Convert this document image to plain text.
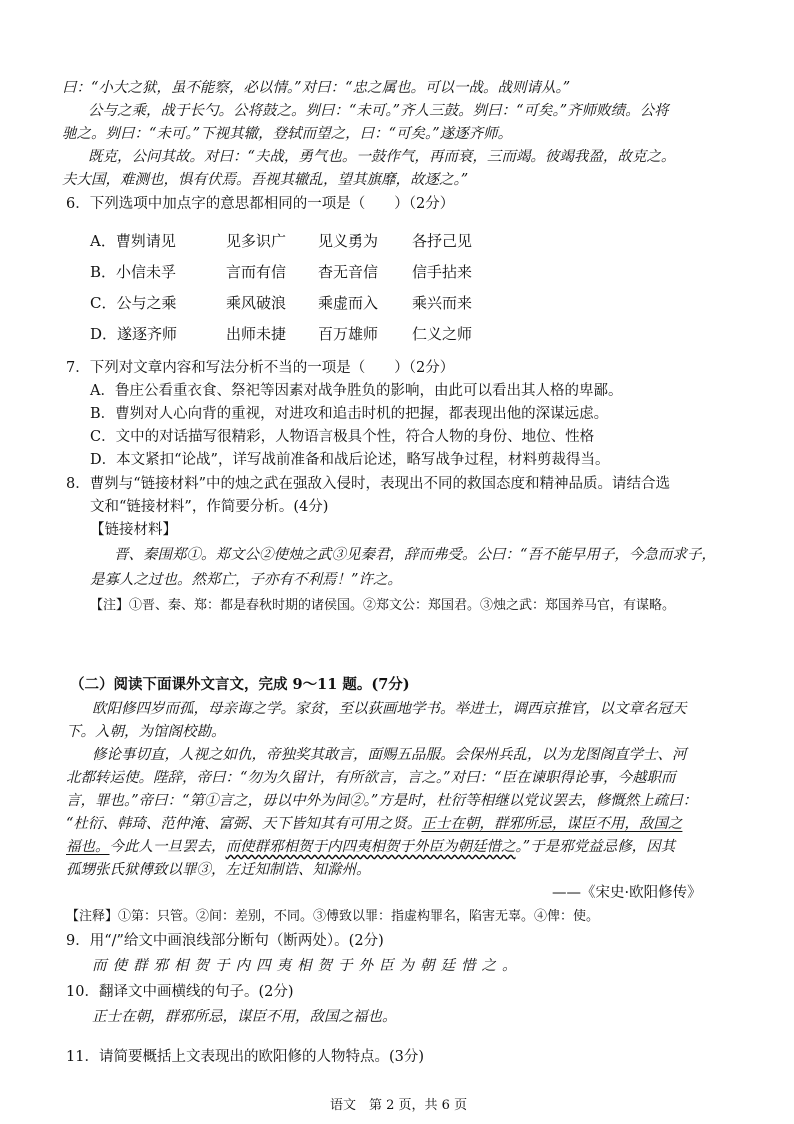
曰：“小大之狱，虽不能察，必以情。”对曰：“忠之属也。可以一战。战则请从。”
公与之乘，战于长勺。公将鼓之。刿曰：“未可。”齐人三鼓。刿曰：“可矣。”齐师败绩。公将
驰之。刿曰：“未可。”下视其辙，登轼而望之，曰：“可矣。”遂逐齐师。
既克，公问其故。对曰：“夫战，勇气也。一鼓作气，再而衰，三而竭。彼竭我盈，故克之。
夫大国，难测也，惧有伏焉。吾视其辙乱，望其旗靡，故逐之。”
6．下列选项中加点字的意思都相同的一项是（　　）（2分）
A．曹刿请见	见多识广 见义勇为 各抒己见
B．小信未孚	言而有信 杳无音信 信手拈来
C．公与之乘	乘风破浪 乘虚而入 乘兴而来
D．遂逐齐师	出师未捷 百万雄师 仁义之师
7．下列对文章内容和写法分析不当的一项是（　　）（2分）
A．鲁庄公看重衣食、祭祀等因素对战争胜负的影响，由此可以看出其人格的卑鄙。
B．曹刿对人心向背的重视，对进攻和追击时机的把握，都表现出他的深谋远虑。
C．文中的对话描写很精彩，人物语言极具个性，符合人物的身份、地位、性格
D．本文紧扣“论战”，详写战前准备和战后论述，略写战争过程，材料剪裁得当。
8．曹刿与“链接材料”中的烛之武在强敌入侵时，表现出不同的救国态度和精神品质。请结合选
文和“链接材料”，作简要分析。(4分)
【链接材料】
晋、秦围郑①。郑文公②使烛之武③见秦君，辞而弗受。公曰：“吾不能早用子，今急而求子，
是寡人之过也。然郑亡，子亦有不利焉！”许之。
【注】①晋、秦、郑：都是春秋时期的诸侯国。②郑文公：郑国君。③烛之武：郑国养马官，有谋略。
（二）阅读下面课外文言文，完成 9～11 题。(7分)
欧阳修四岁而孤，母亲诲之学。家贫，至以荻画地学书。举进士，调西京推官，以文章名冠天
下。入朝，为馆阁校勘。
修论事切直，人视之如仇，帝独奖其敢言，面赐五品服。会保州兵乱，以为龙图阁直学士、河
北都转运使。陛辞，帝曰：“勿为久留计，有所欲言，言之。”对曰：“臣在谏职得论事，今越职而
言，罪也。”帝曰：“第①言之，毋以中外为间②。”方是时，杜衍等相继以党议罢去，修慨然上疏曰：
“杜衍、韩琦、范仲淹、富弼、天下皆知其有可用之贤。正士在朝，群邪所忌，谋臣不用，敌国之
福也。今此人一旦罢去，而使群邪相贺于内四夷相贺于外臣为朝廷惜之。”于是邪党益忌修，因其
孤甥张氏狱傅致以罪③，左迁知制诰、知滁州。
——《宋史·欧阳修传》
【注释】①第：只管。②间：差别，不同。③傅致以罪：指虚构罪名，陷害无辜。④俾：使。
9．用“/”给文中画浪线部分断句（断两处）。(2分)
而使群邪相贺于内四夷相贺于外臣为朝廷惜之。
10．翻译文中画横线的句子。(2分)
正士在朝，群邪所忌，谋臣不用，敌国之福也。
11．请简要概括上文表现出的欧阳修的人物特点。(3分)
语文　第 2 页，共 6 页
